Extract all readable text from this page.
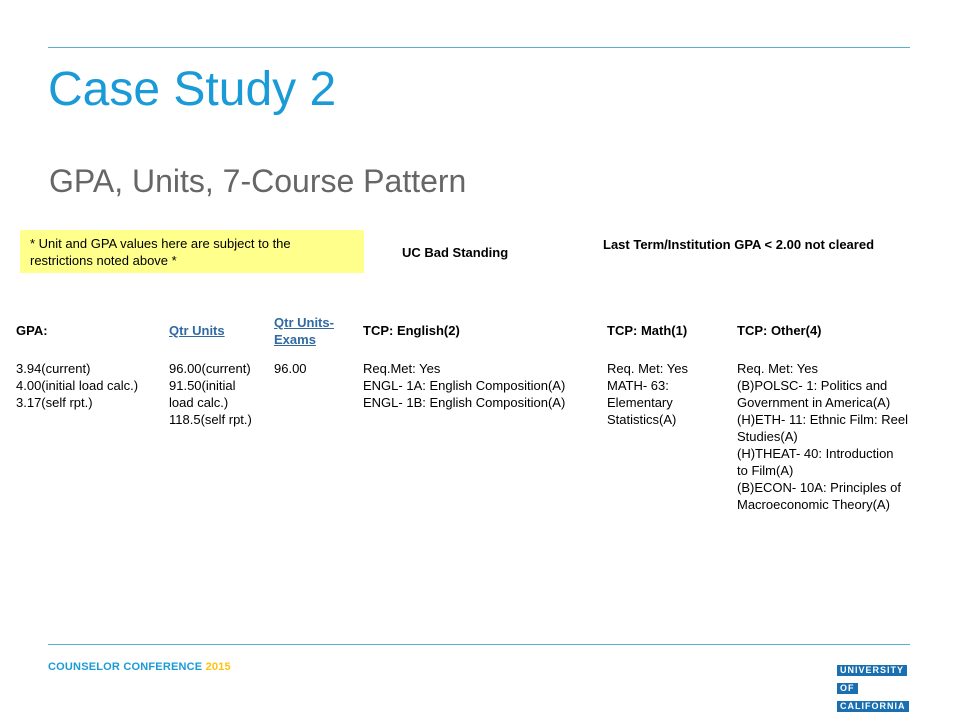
Case Study 2
GPA, Units, 7-Course Pattern
* Unit and GPA values here are subject to the restrictions noted above *
UC Bad Standing
Last Term/Institution GPA < 2.00 not cleared
GPA:
3.94(current)
4.00(initial load calc.)
3.17(self rpt.)
Qtr Units
96.00(current)
91.50(initial
load calc.)
118.5(self rpt.)
Qtr Units-
Exams
96.00
TCP: English(2)
Req.Met: Yes
ENGL- 1A: English Composition(A)
ENGL- 1B: English Composition(A)
TCP: Math(1)
Req. Met: Yes
MATH- 63:
Elementary
Statistics(A)
TCP: Other(4)
Req. Met: Yes
(B)POLSC- 1: Politics and
Government in America(A)
(H)ETH- 11: Ethnic Film: Reel
Studies(A)
(H)THEAT- 40: Introduction
to Film(A)
(B)ECON- 10A: Principles of
Macroeconomic Theory(A)
COUNSELOR CONFERENCE 2015	UNIVERSITY
OF
CALIFORNIA
